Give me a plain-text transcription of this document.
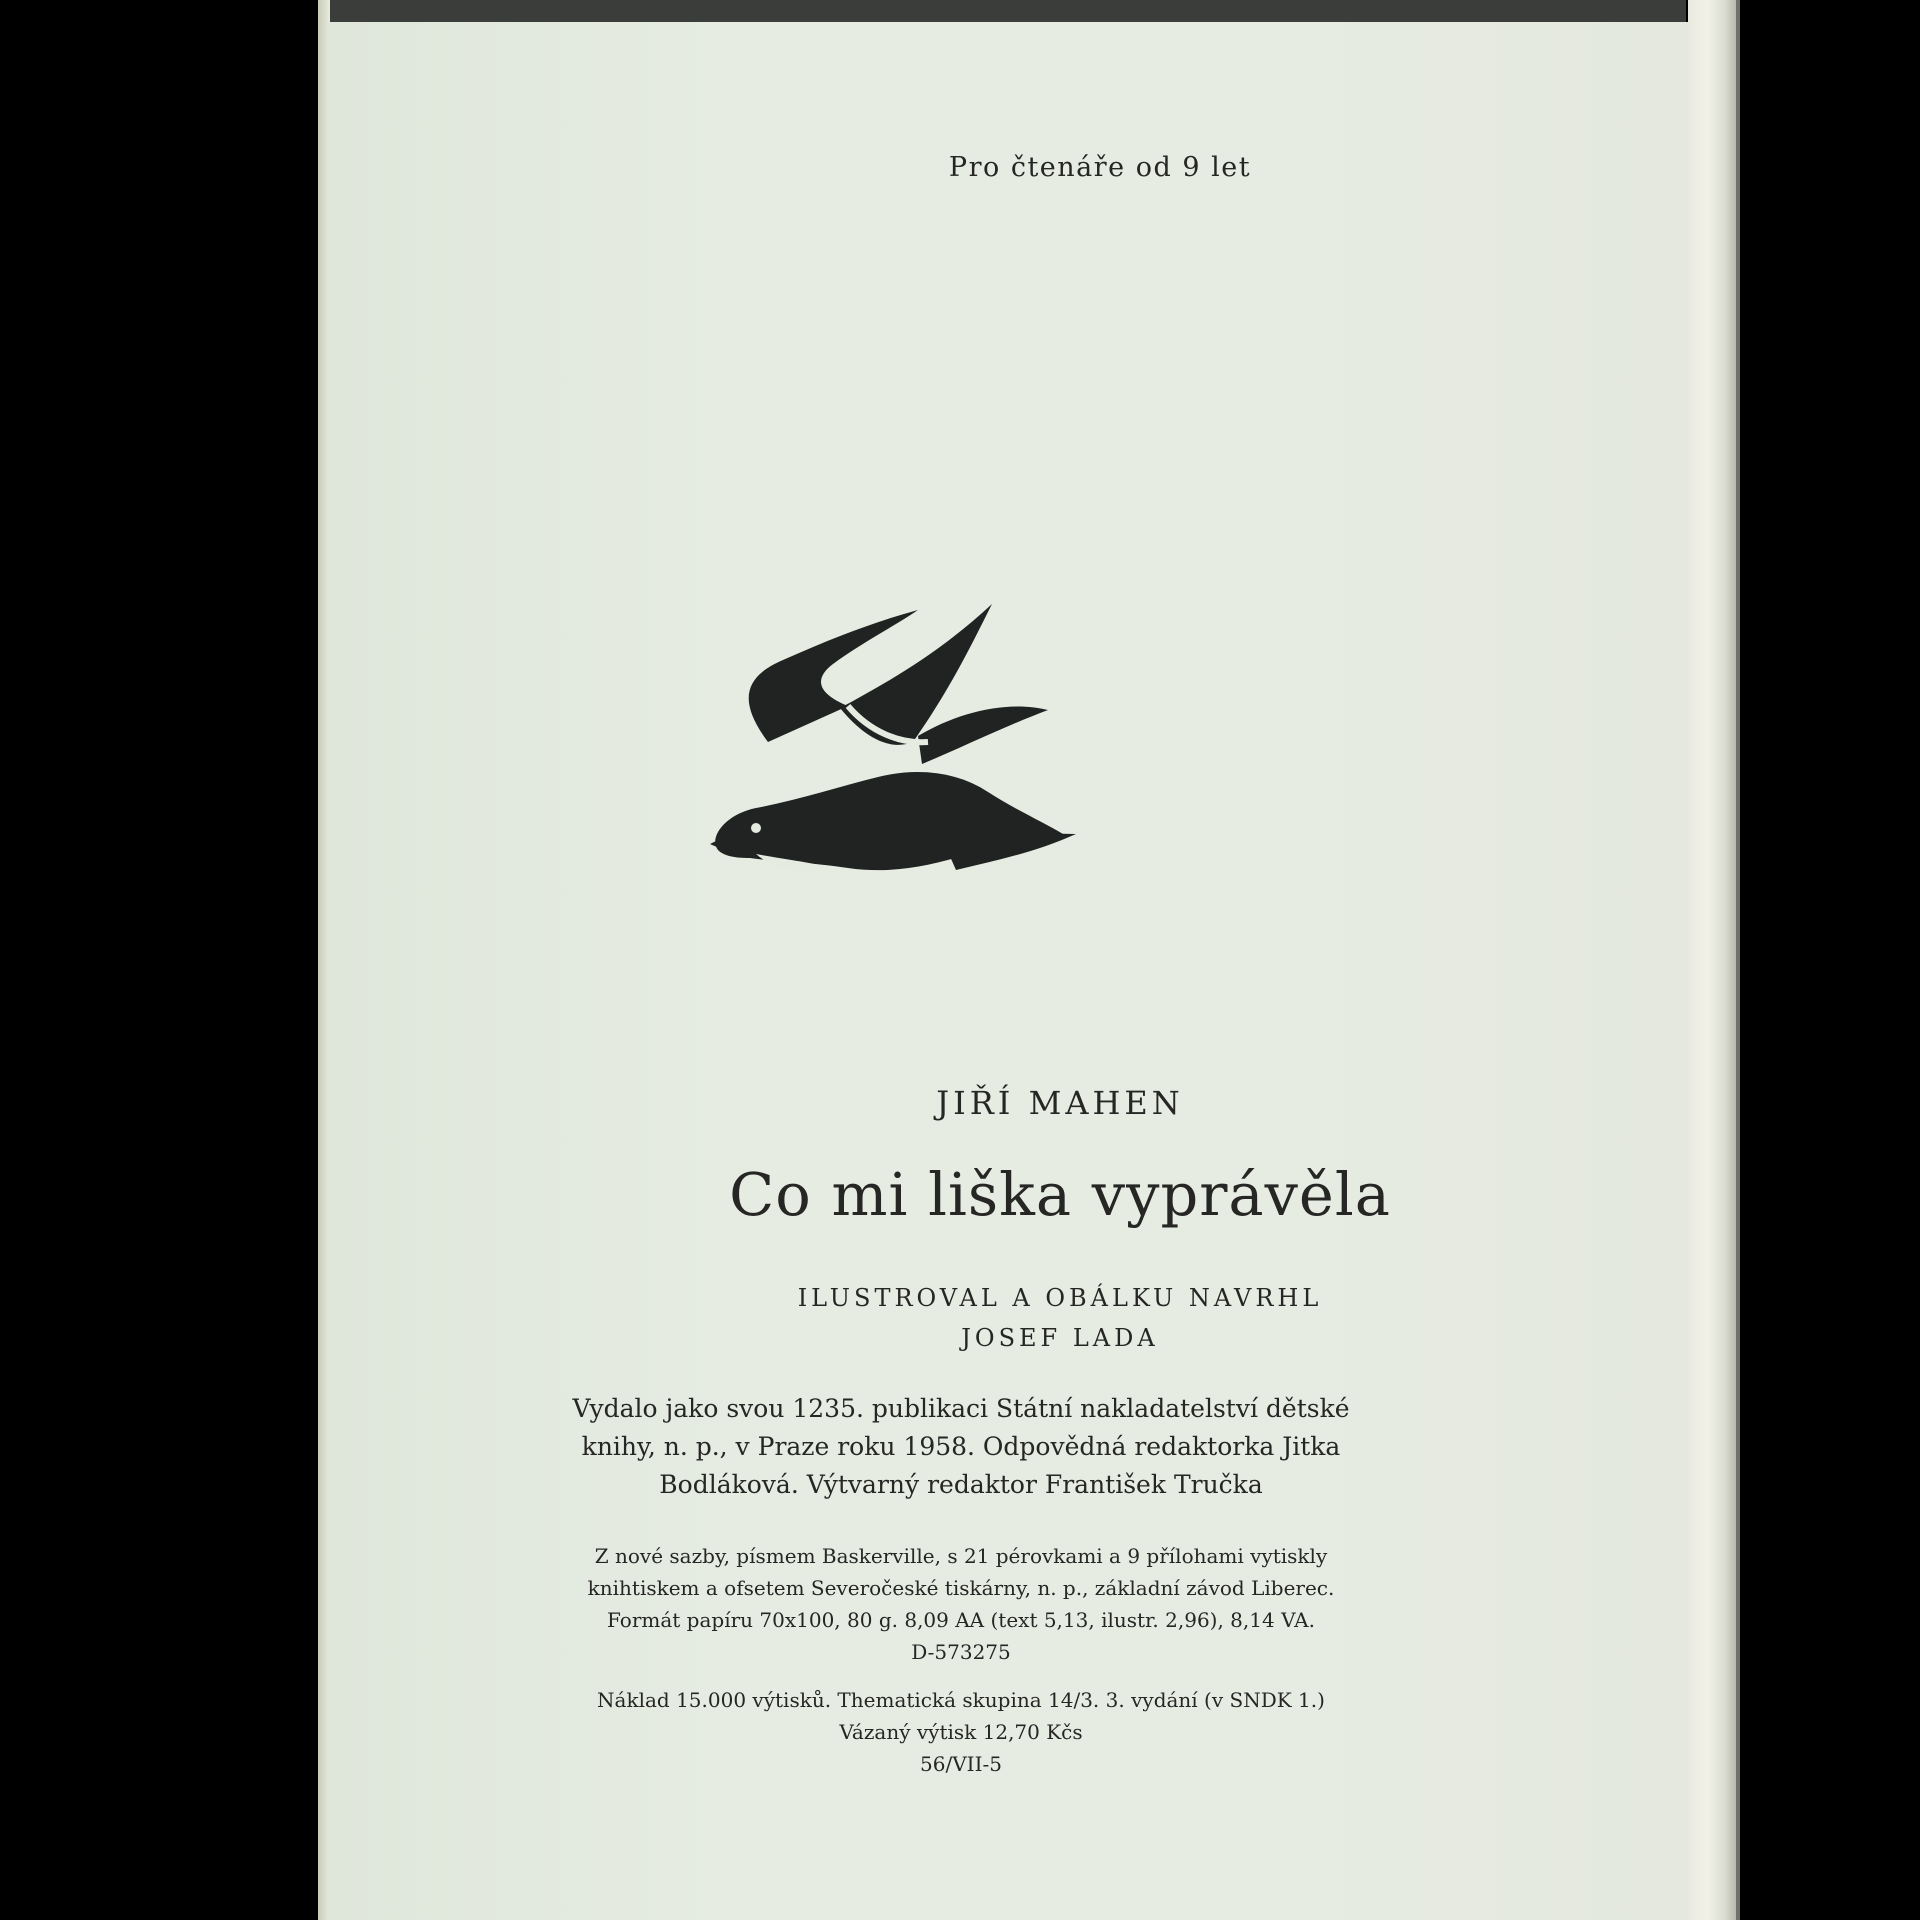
Pro čtenáře od 9 let
JIŘÍ MAHEN
Co mi liška vyprávěla
ILUSTROVAL A OBÁLKU NAVRHL
JOSEF LADA
Vydalo jako svou 1235. publikaci Státní nakladatelství dětské
knihy, n. p., v Praze roku 1958. Odpovědná redaktorka Jitka
Bodláková. Výtvarný redaktor František Tručka
Z nové sazby, písmem Baskerville, s 21 pérovkami a 9 přílohami vytiskly
knihtiskem a ofsetem Severočeské tiskárny, n. p., základní závod Liberec.
Formát papíru 70x100, 80 g. 8,09 AA (text 5,13, ilustr. 2,96), 8,14 VA.
D-573275
Náklad 15.000 výtisků. Thematická skupina 14/3. 3. vydání (v SNDK 1.)
Vázaný výtisk 12,70 Kčs
56/VII-5
